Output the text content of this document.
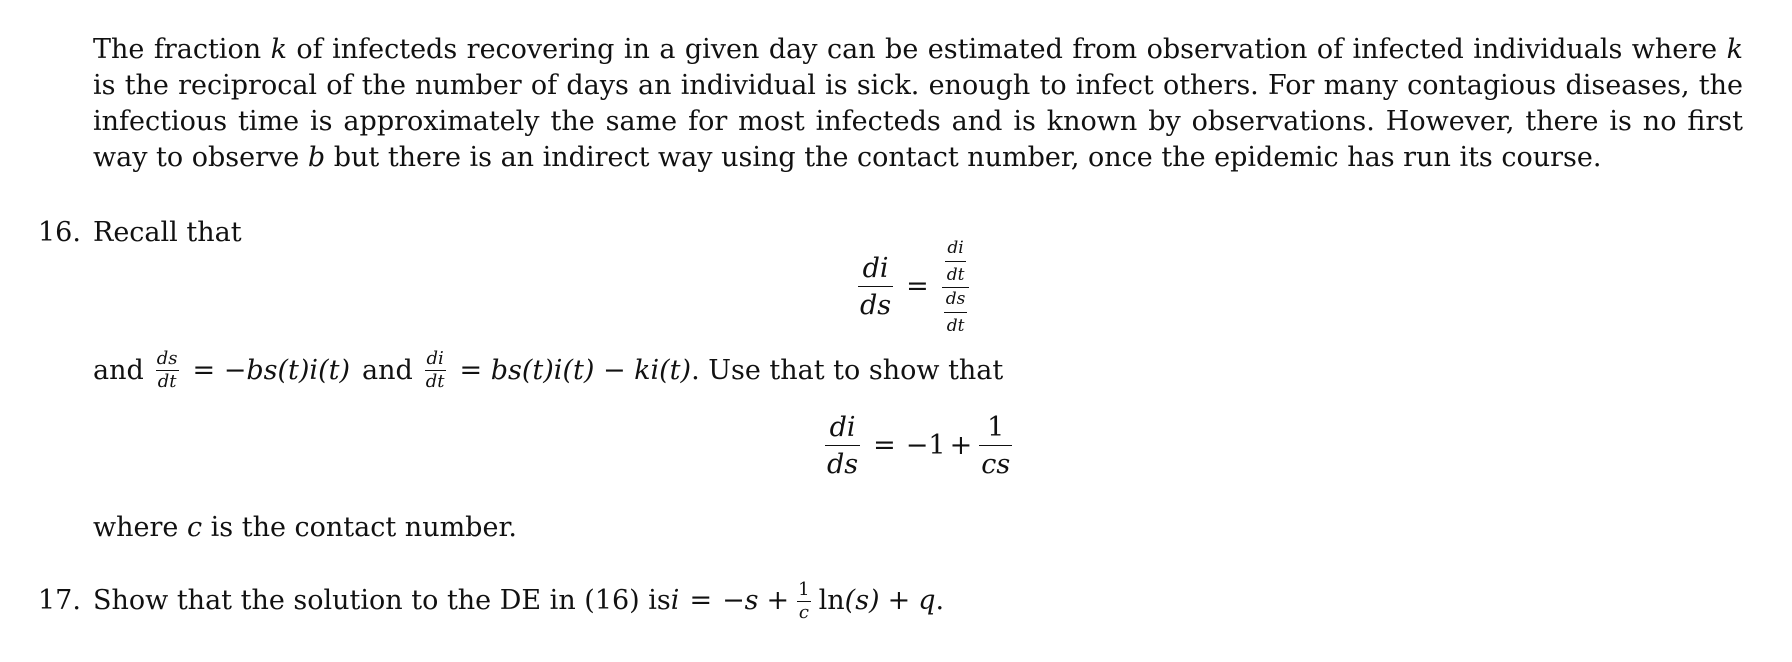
The fraction k of infecteds recovering in a given day can be estimated from observation of infected individuals where k is the reciprocal of the number of days an individual is sick. enough to infect others. For many contagious diseases, the infectious time is approximately the same for most infecteds and is known by observations. However, there is no first way to observe b but there is an indirect way using the contact number, once the epidemic has run its course.

16. Recall that
$\frac{di}{ds} = \frac{\frac{di}{dt}}{\frac{ds}{dt}}$
and $\frac{ds}{dt} = -bs(t)i(t)$ and $\frac{di}{dt} = bs(t)i(t) - ki(t)$ . Use that to show that
$\frac{di}{ds} = -1 + \frac{1}{cs}$
where c is the contact number.
17. Show that the solution to the DE in (16) is $i = -s + \frac{1}{c}$ ln (s) + q .
